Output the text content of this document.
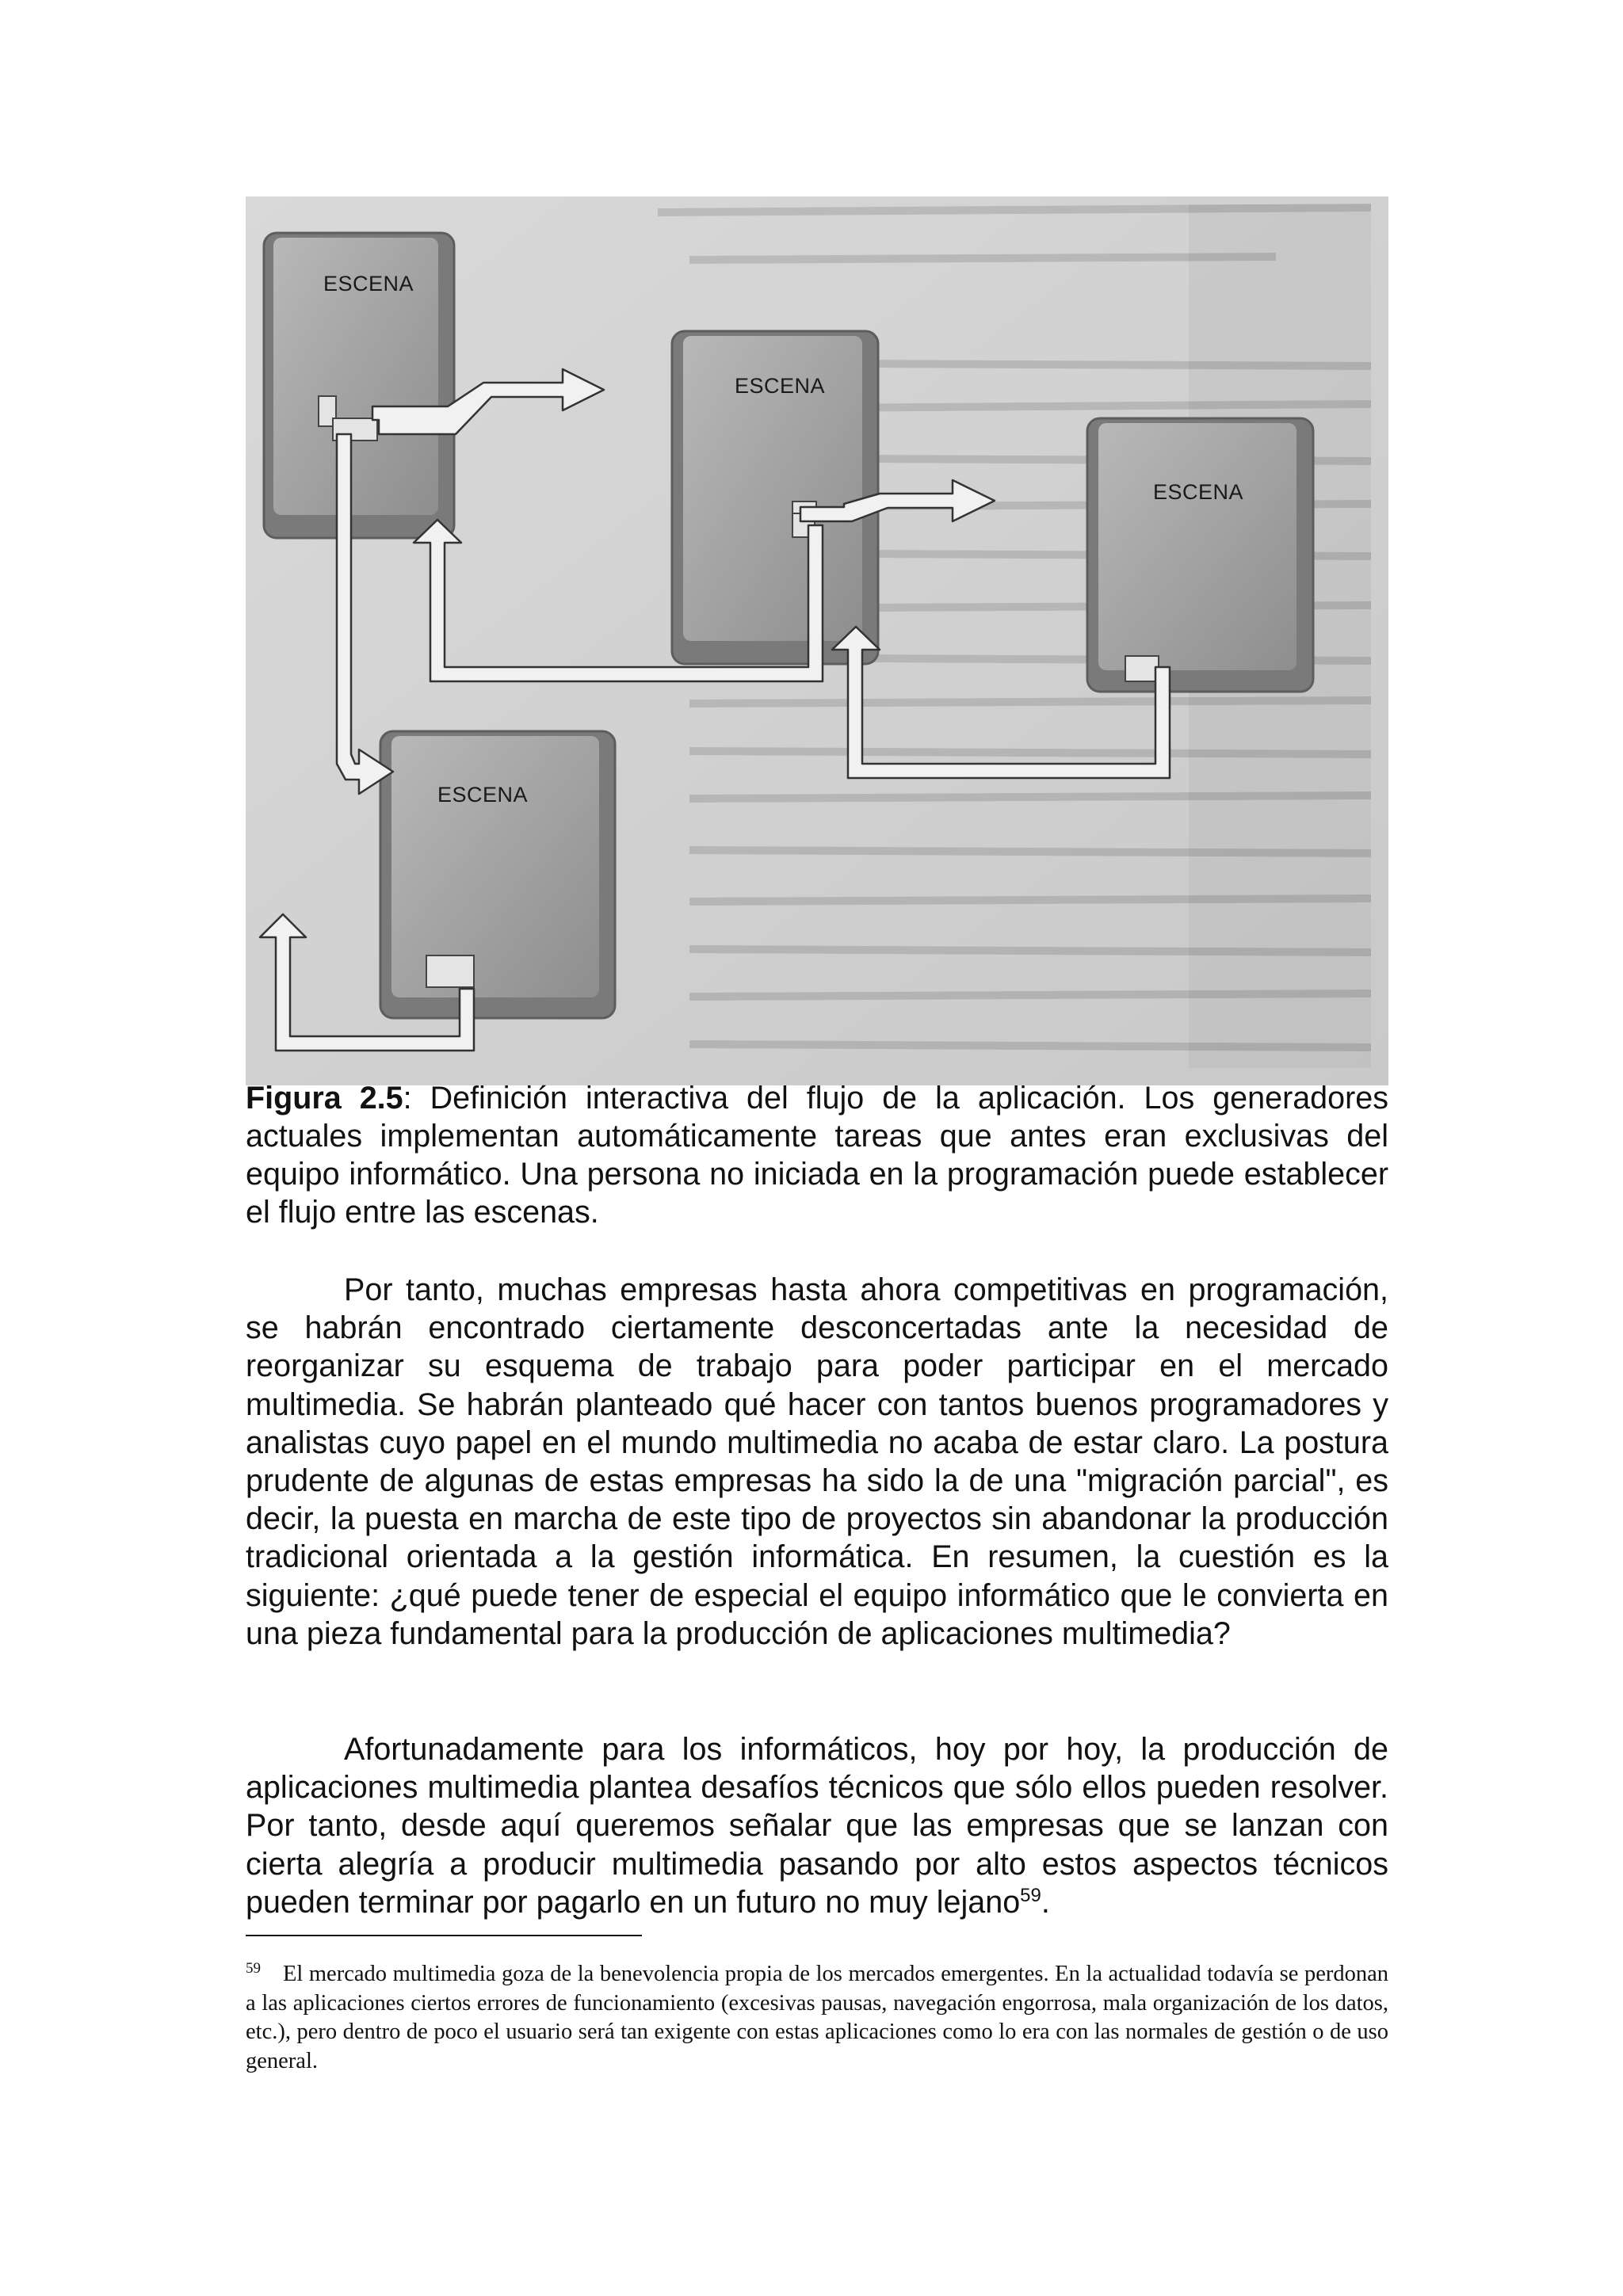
ESCENA
ESCENA
ESCENA
ESCENA
Figura 2.5: Definición interactiva del flujo de la aplicación. Los generadores actuales implementan automáticamente tareas que antes eran exclusivas del equipo informático. Una persona no iniciada en la programación puede establecer el flujo entre las escenas.

Por tanto, muchas empresas hasta ahora competitivas en programación, se habrán encontrado ciertamente desconcertadas ante la necesidad de reorganizar su esquema de trabajo para poder participar en el mercado multimedia. Se habrán planteado qué hacer con tantos buenos programadores y analistas cuyo papel en el mundo multimedia no acaba de estar claro. La postura prudente de algunas de estas empresas ha sido la de una "migración parcial", es decir, la puesta en marcha de este tipo de proyectos sin abandonar la producción tradicional orientada a la gestión informática. En resumen, la cuestión es la siguiente: ¿qué puede tener de especial el equipo informático que le convierta en una pieza fundamental para la producción de aplicaciones multimedia?

Afortunadamente para los informáticos, hoy por hoy, la producción de aplicaciones multimedia plantea desafíos técnicos que sólo ellos pueden resolver. Por tanto, desde aquí queremos señalar que las empresas que se lanzan con cierta alegría a producir multimedia pasando por alto estos aspectos técnicos pueden terminar por pagarlo en un futuro no muy lejano$^{59}$.

$^{59}$ El mercado multimedia goza de la benevolencia propia de los mercados emergentes. En la actualidad todavía se perdonan a las aplicaciones ciertos errores de funcionamiento (excesivas pausas, navegación engorrosa, mala organización de los datos, etc.), pero dentro de poco el usuario será tan exigente con estas aplicaciones como lo era con las normales de gestión o de uso general.
